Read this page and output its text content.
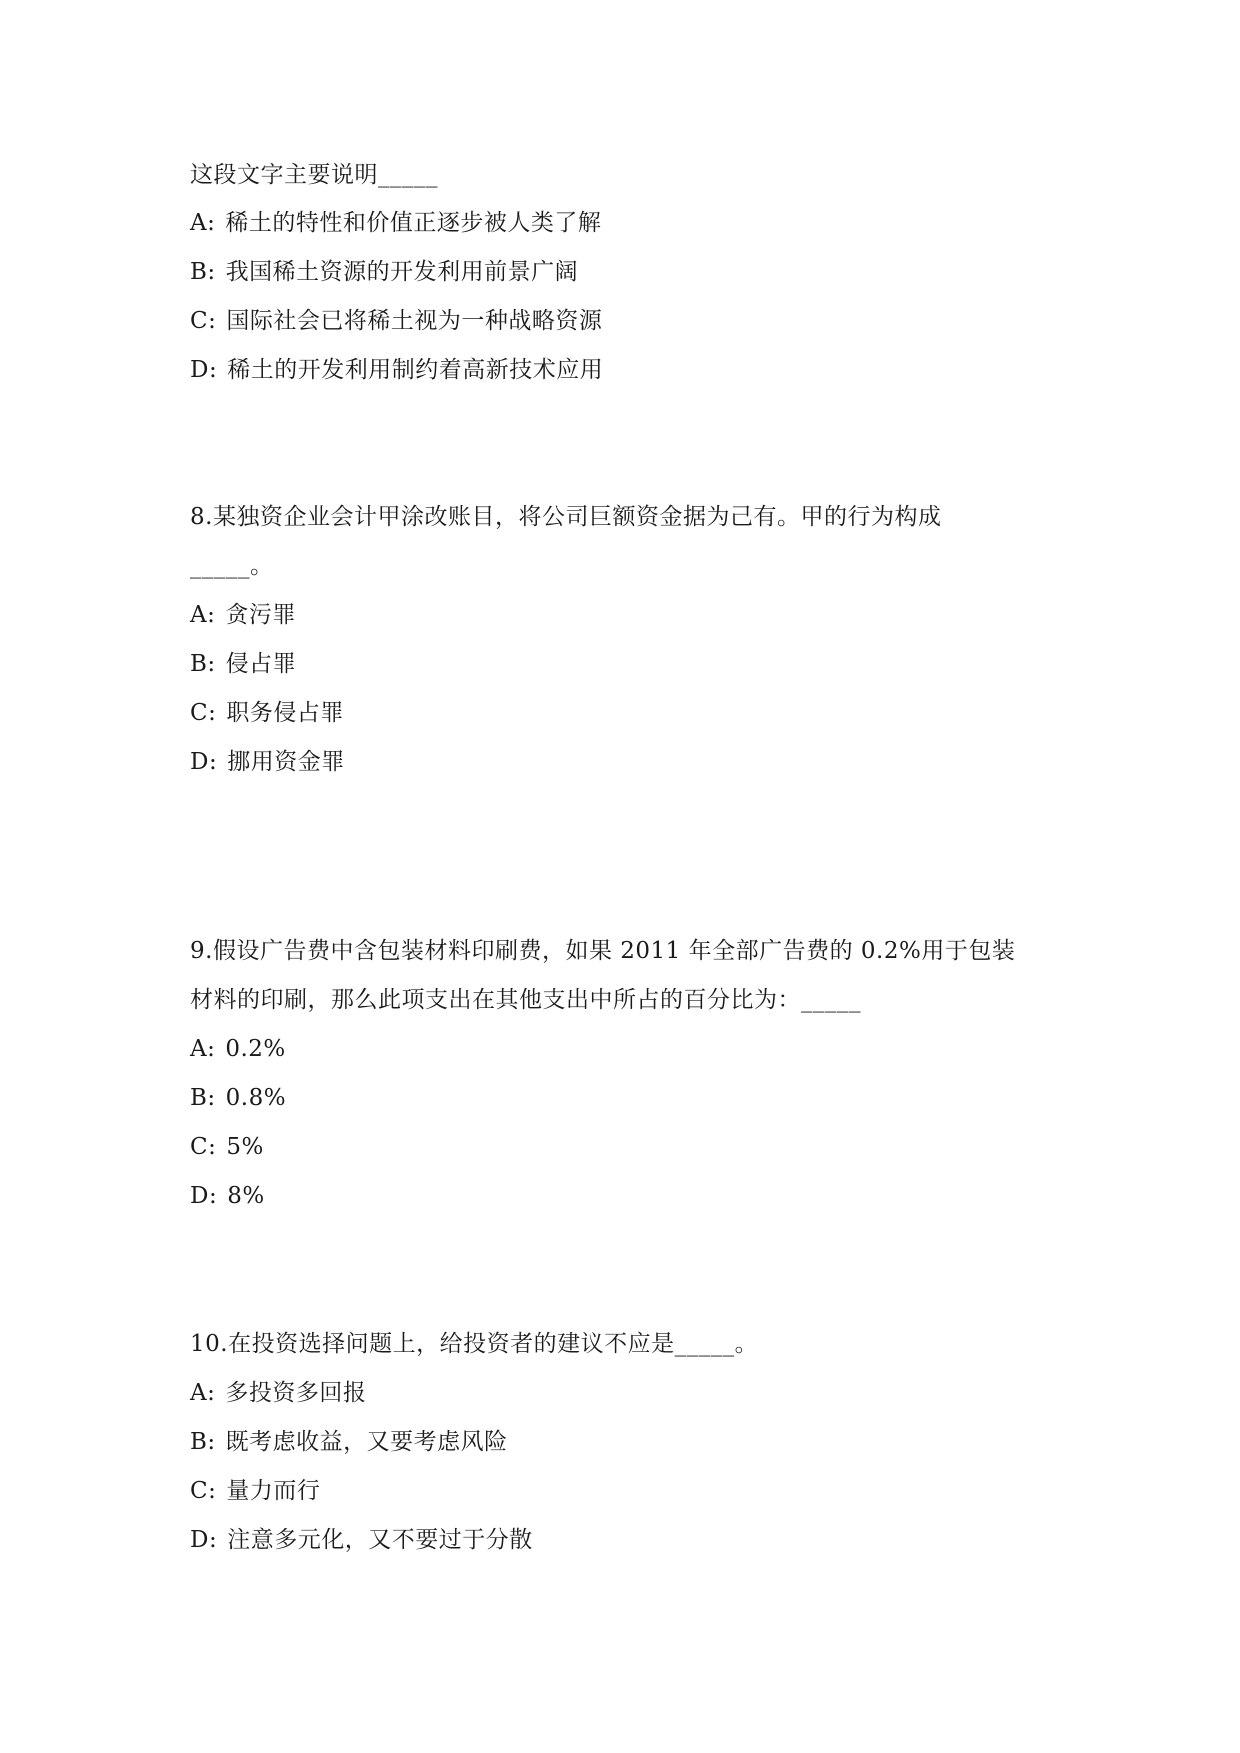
这段文字主要说明_____
A: 稀土的特性和价值正逐步被人类了解
B: 我国稀土资源的开发利用前景广阔
C: 国际社会已将稀土视为一种战略资源
D: 稀土的开发利用制约着高新技术应用
8.某独资企业会计甲涂改账目，将公司巨额资金据为己有。甲的行为构成
_____。
A: 贪污罪
B: 侵占罪
C: 职务侵占罪
D: 挪用资金罪
9.假设广告费中含包装材料印刷费，如果 2011 年全部广告费的 0.2%用于包装
材料的印刷，那么此项支出在其他支出中所占的百分比为：_____
A: 0.2%
B: 0.8%
C: 5%
D: 8%
10.在投资选择问题上，给投资者的建议不应是_____。
A: 多投资多回报
B: 既考虑收益，又要考虑风险
C: 量力而行
D: 注意多元化，又不要过于分散
